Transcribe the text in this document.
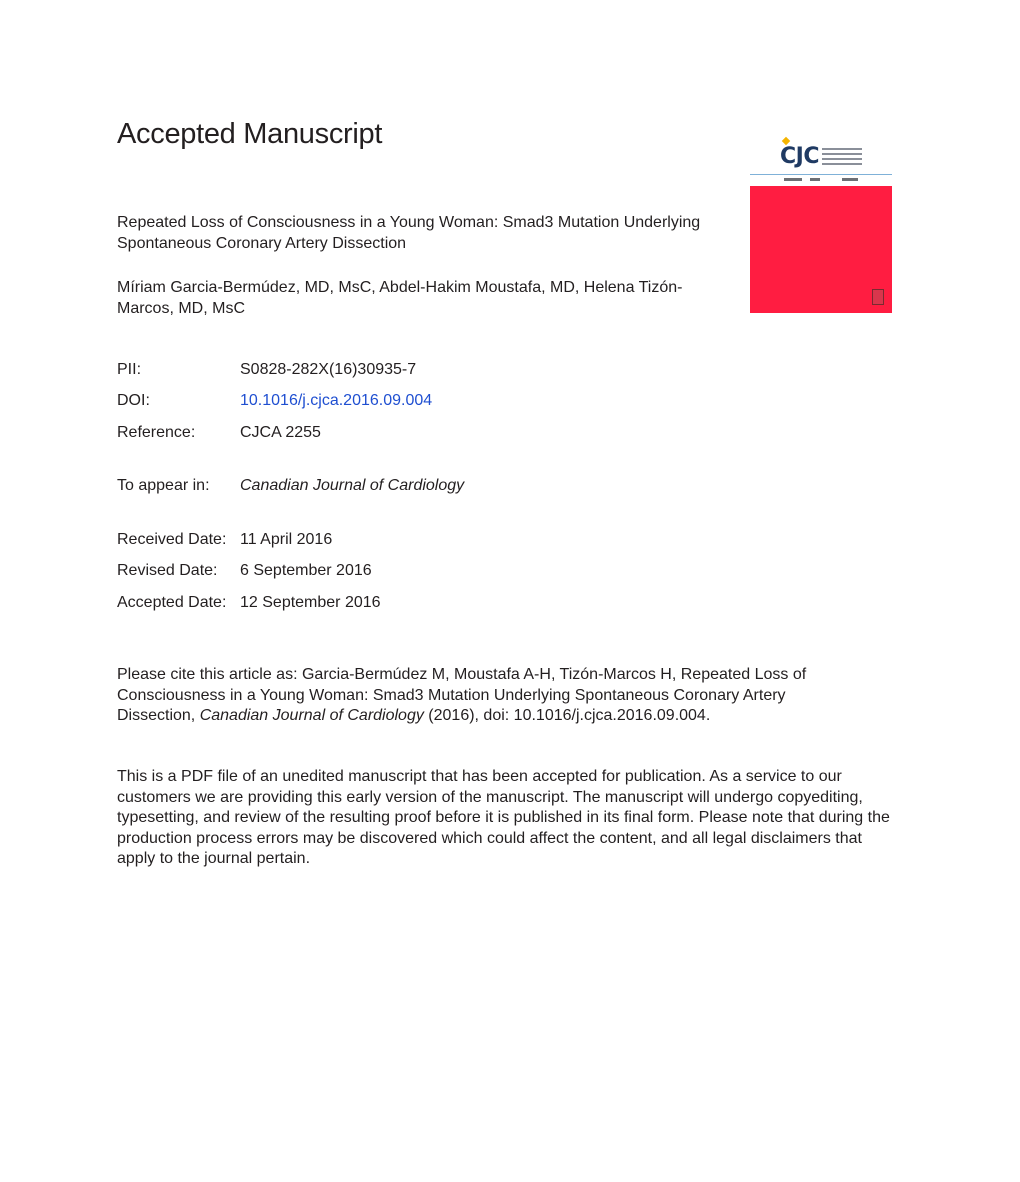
Accepted Manuscript
Repeated Loss of Consciousness in a Young Woman: Smad3 Mutation Underlying Spontaneous Coronary Artery Dissection
Míriam Garcia-Bermúdez, MD, MsC, Abdel-Hakim Moustafa, MD, Helena Tizón-Marcos, MD, MsC
CJC
PII:	S0828-282X(16)30935-7
DOI:	10.1016/j.cjca.2016.09.004
Reference:	CJCA 2255
To appear in: Canadian Journal of Cardiology
Received Date: 11 April 2016
Revised Date: 6 September 2016
Accepted Date: 12 September 2016
Please cite this article as: Garcia-Bermúdez M, Moustafa A-H, Tizón-Marcos H, Repeated Loss of Consciousness in a Young Woman: Smad3 Mutation Underlying Spontaneous Coronary Artery Dissection, Canadian Journal of Cardiology (2016), doi: 10.1016/j.cjca.2016.09.004.
This is a PDF file of an unedited manuscript that has been accepted for publication. As a service to our customers we are providing this early version of the manuscript. The manuscript will undergo copyediting, typesetting, and review of the resulting proof before it is published in its final form. Please note that during the production process errors may be discovered which could affect the content, and all legal disclaimers that apply to the journal pertain.
